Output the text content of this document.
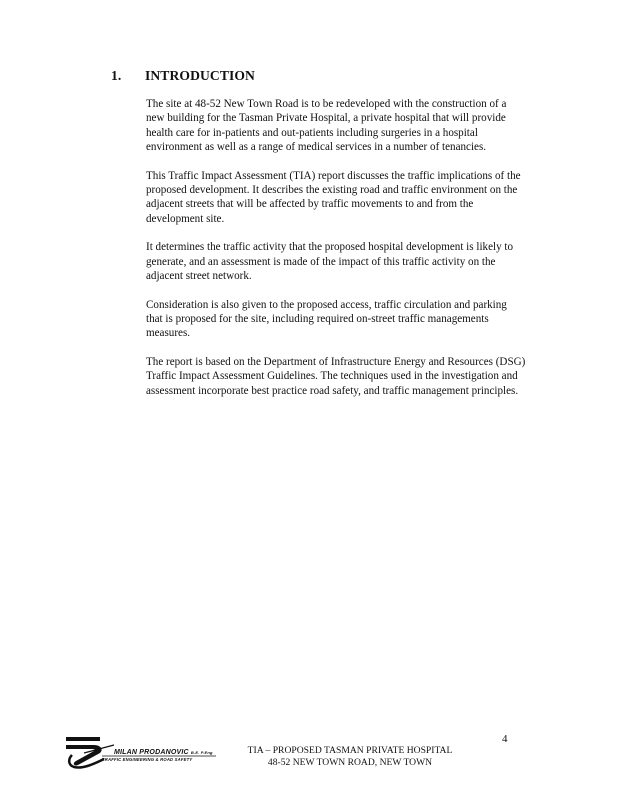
1. INTRODUCTION

The site at 48-52 New Town Road is to be redeveloped with the construction of a new building for the Tasman Private Hospital, a private hospital that will provide health care for in-patients and out-patients including surgeries in a hospital environment as well as a range of medical services in a number of tenancies.

This Traffic Impact Assessment (TIA) report discusses the traffic implications of the proposed development. It describes the existing road and traffic environment on the adjacent streets that will be affected by traffic movements to and from the development site.

It determines the traffic activity that the proposed hospital development is likely to generate, and an assessment is made of the impact of this traffic activity on the adjacent street network.

Consideration is also given to the proposed access, traffic circulation and parking that is proposed for the site, including required on-street traffic managements measures.

The report is based on the Department of Infrastructure Energy and Resources (DSG) Traffic Impact Assessment Guidelines. The techniques used in the investigation and assessment incorporate best practice road safety, and traffic management principles.

4
MILAN PRODANOVIC B.E. P.Eng
TRAFFIC ENGINEERING & ROAD SAFETY
TIA – PROPOSED TASMAN PRIVATE HOSPITAL
48-52 NEW TOWN ROAD, NEW TOWN
